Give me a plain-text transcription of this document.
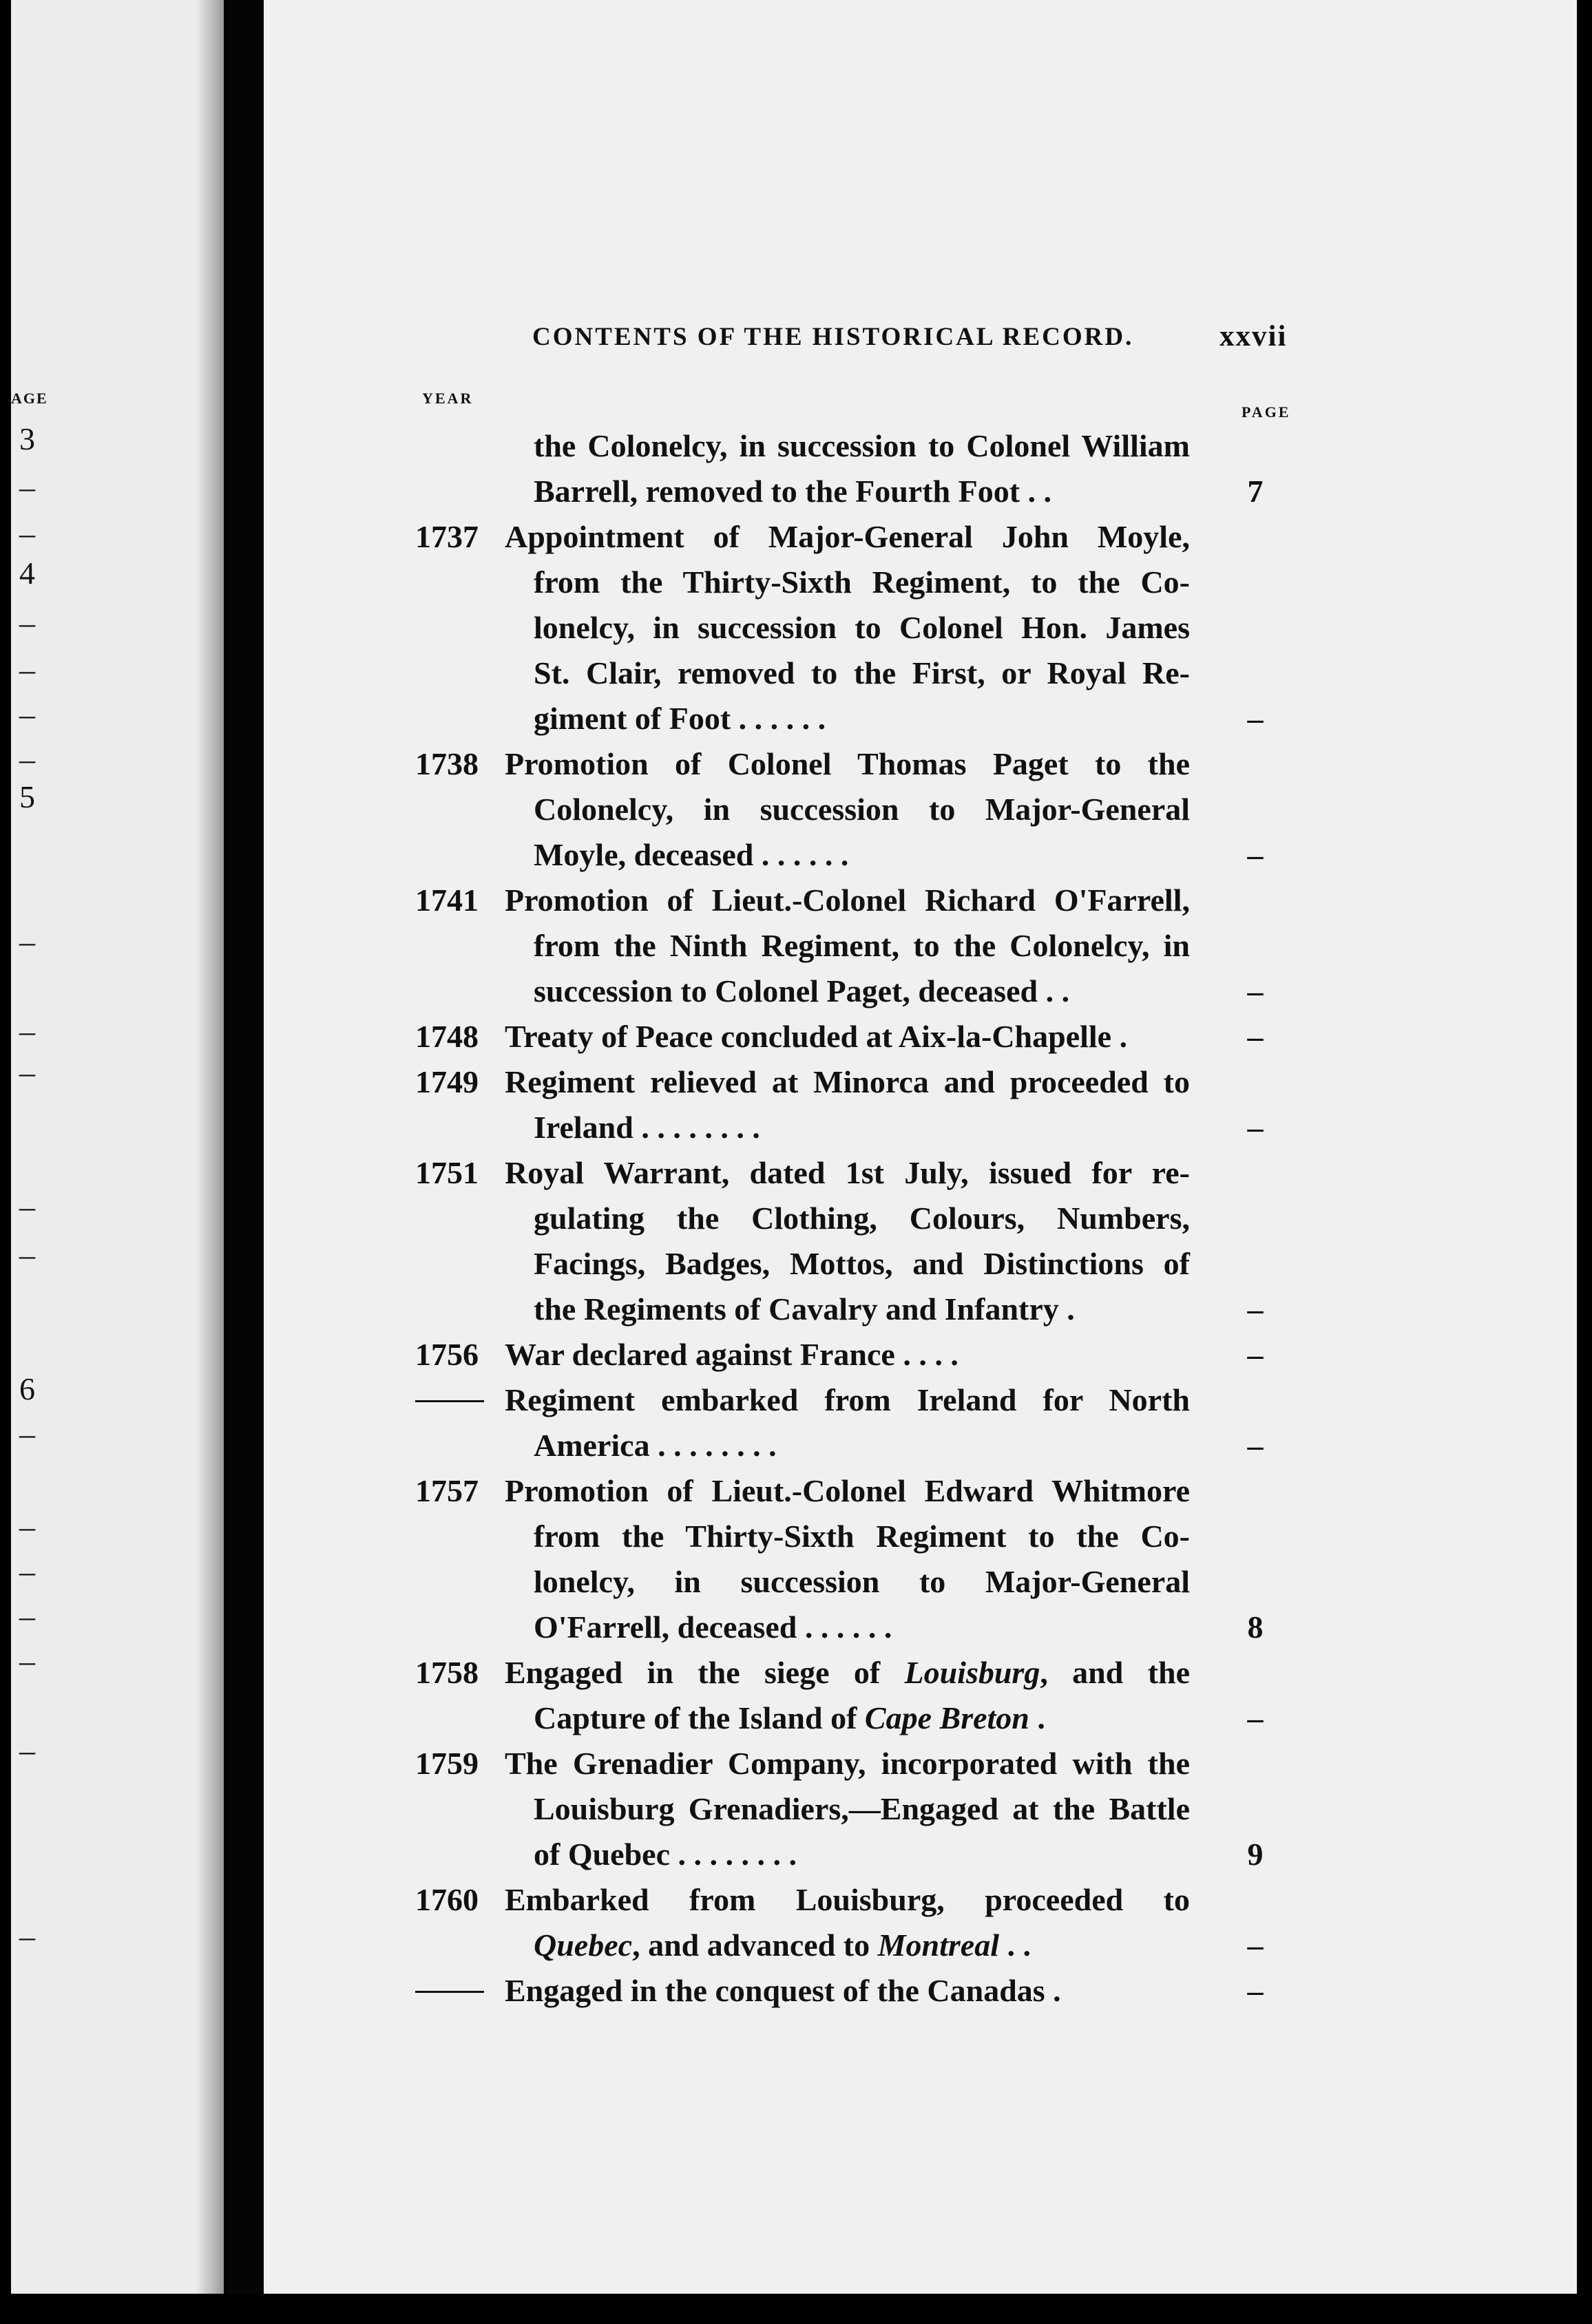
AGE
3
–
–
4
–
–
–
–
5
–
–
–
–
–
6
–
–
–
–
–
–
–
CONTENTS OF THE HISTORICAL RECORD.	xxvii
YEAR
PAGE
the Colonelcy, in succession to Colonel William
Barrell, removed to the Fourth Foot . .	7
1737 Appointment of Major-General John Moyle,
from the Thirty-Sixth Regiment, to the Co-
lonelcy, in succession to Colonel Hon. James
St. Clair, removed to the First, or Royal Re-
giment of Foot . . . . . .	–
1738 Promotion of Colonel Thomas Paget to the
Colonelcy, in succession to Major-General
Moyle, deceased . . . . . .	–
1741 Promotion of Lieut.-Colonel Richard O'Farrell,
from the Ninth Regiment, to the Colonelcy, in
succession to Colonel Paget, deceased . .	–
1748 Treaty of Peace concluded at Aix-la-Chapelle .	–
1749 Regiment relieved at Minorca and proceeded to
Ireland . . . . . . . .	–
1751 Royal Warrant, dated 1st July, issued for re-
gulating the Clothing, Colours, Numbers,
Facings, Badges, Mottos, and Distinctions of
the Regiments of Cavalry and Infantry .	–
1756 War declared against France . . . .	–
Regiment embarked from Ireland for North
America . . . . . . . .	–
1757 Promotion of Lieut.-Colonel Edward Whitmore
from the Thirty-Sixth Regiment to the Co-
lonelcy, in succession to Major-General
O'Farrell, deceased . . . . . .	8
1758 Engaged in the siege of Louisburg, and the
Capture of the Island of Cape Breton .	–
1759 The Grenadier Company, incorporated with the
Louisburg Grenadiers,—Engaged at the Battle
of Quebec . . . . . . . .	9
1760 Embarked from Louisburg, proceeded to
Quebec, and advanced to Montreal . .	–
Engaged in the conquest of the Canadas .	–
